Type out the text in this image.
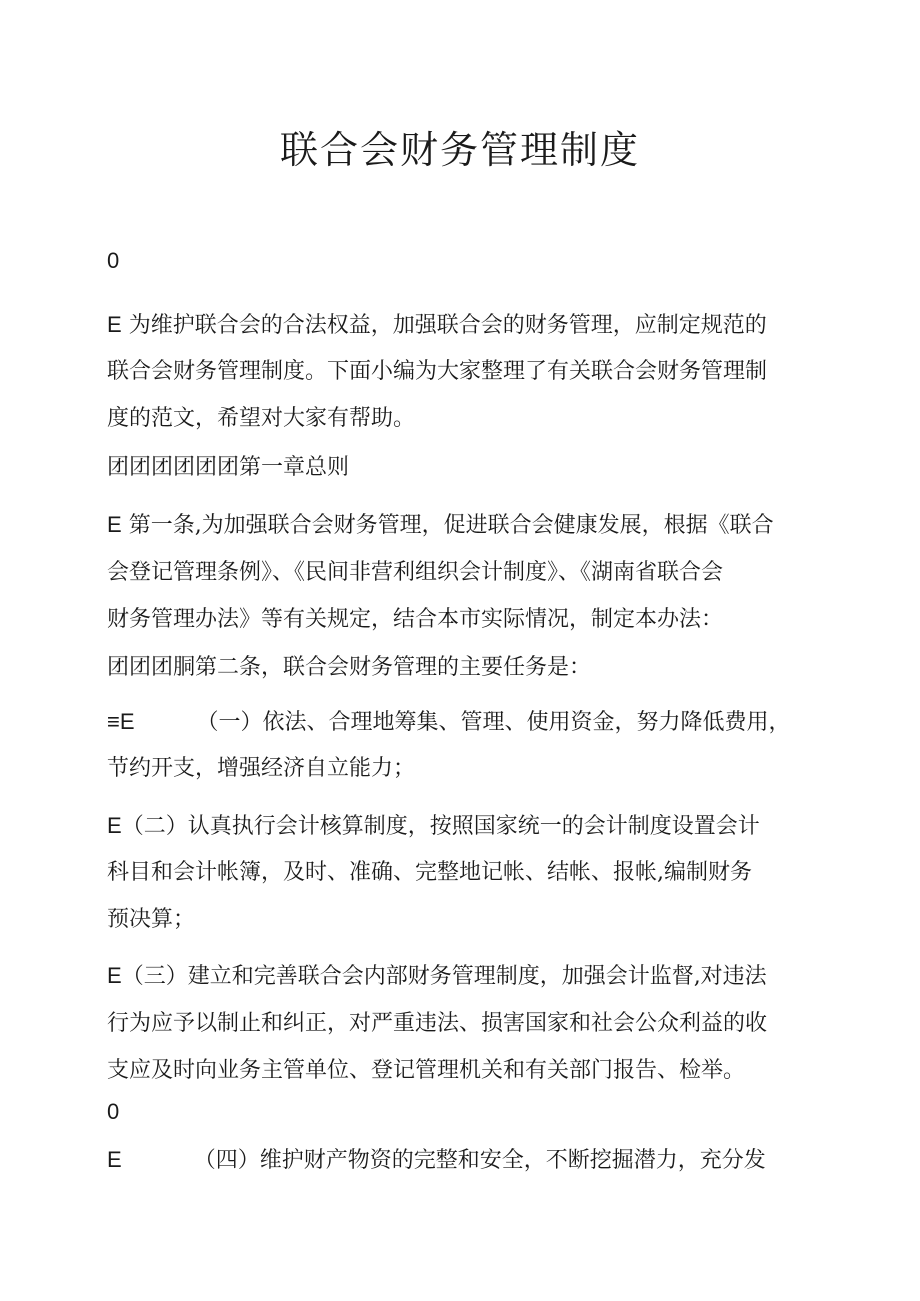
联合会财务管理制度
0
E 为维护联合会的合法权益，加强联合会的财务管理，应制定规范的
联合会财务管理制度。下面小编为大家整理了有关联合会财务管理制
度的范文，希望对大家有帮助。
团团团团团团第一章总则
E 第一条,为加强联合会财务管理，促进联合会健康发展，根据《联合
会登记管理条例》、《民间非营利组织会计制度》、《湖南省联合会
财务管理办法》等有关规定，结合本市实际情况，制定本办法：
团团团胴第二条，联合会财务管理的主要任务是：
≡E	（一）依法、合理地筹集、管理、使用资金，努力降低费用，
节约开支，增强经济自立能力；
E（二）认真执行会计核算制度，按照国家统一的会计制度设置会计
科目和会计帐簿，及时、准确、完整地记帐、结帐、报帐,编制财务
预决算；
E（三）建立和完善联合会内部财务管理制度，加强会计监督,对违法
行为应予以制止和纠正，对严重违法、损害国家和社会公众利益的收
支应及时向业务主管单位、登记管理机关和有关部门报告、检举。
0
E	（四）维护财产物资的完整和安全，不断挖掘潜力，充分发
